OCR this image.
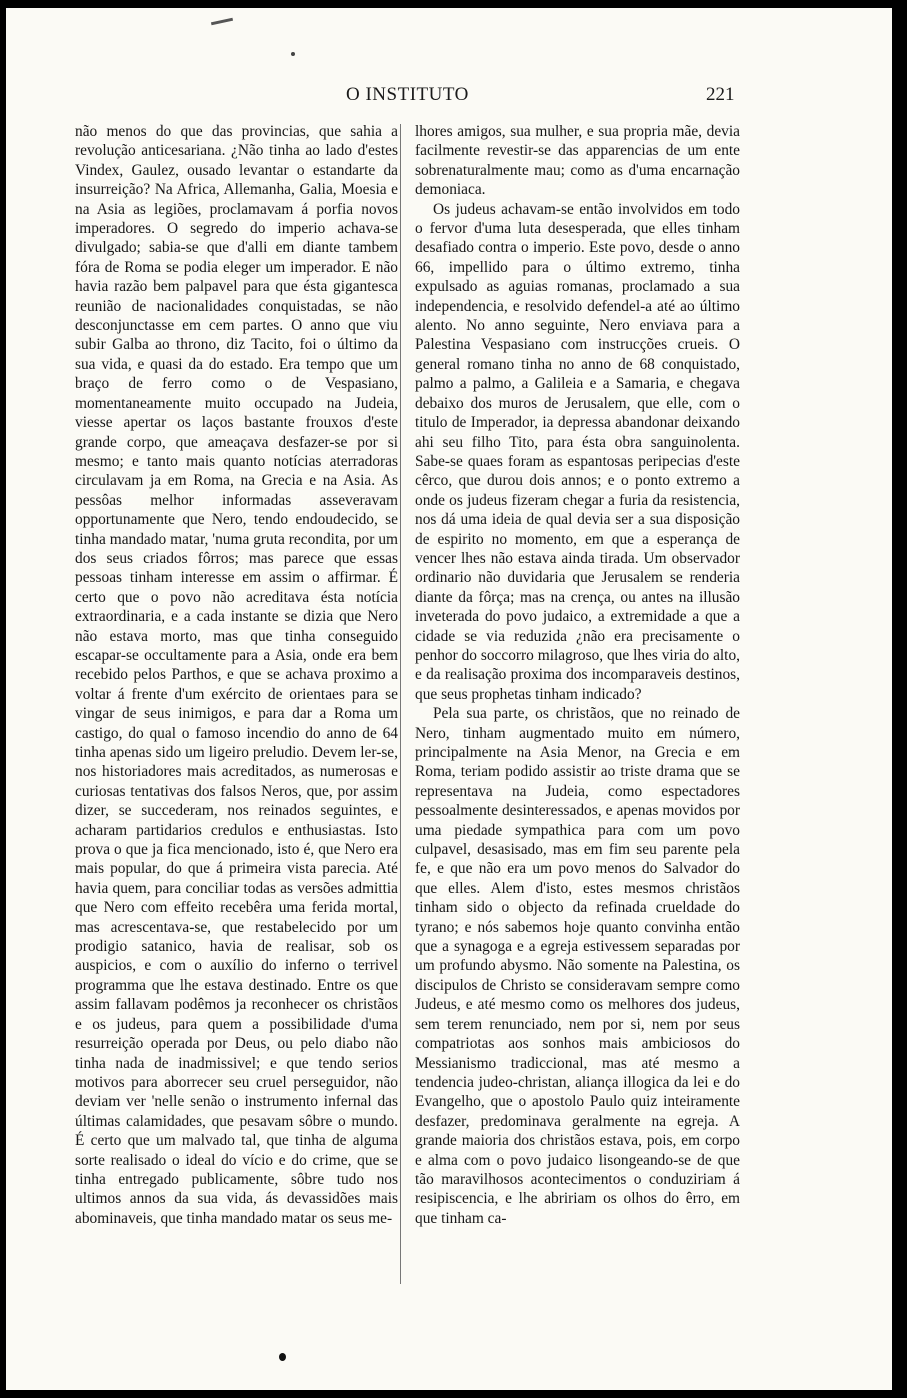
O INSTITUTO	221

não menos do que das provincias, que sahia a revolução anticesariana. ¿Não tinha ao lado d'estes Vindex, Gaulez, ousado levantar o estandarte da insurreição? Na Africa, Allemanha, Galia, Moesia e na Asia as legiões, proclamavam á porfia novos imperadores. O segredo do imperio achava-se divulgado; sabia-se que d'alli em diante tambem fóra de Roma se podia eleger um imperador. E não havia razão bem palpavel para que ésta gigantesca reunião de nacionalidades conquistadas, se não desconjunctasse em cem partes. O anno que viu subir Galba ao throno, diz Tacito, foi o último da sua vida, e quasi da do estado. Era tempo que um braço de ferro como o de Vespasiano, momentaneamente muito occupado na Judeia, viesse apertar os laços bastante frouxos d'este grande corpo, que ameaçava desfazer-se por si mesmo; e tanto mais quanto notícias aterradoras circulavam ja em Roma, na Grecia e na Asia. As pessôas melhor informadas asseveravam opportunamente que Nero, tendo endoudecido, se tinha mandado matar, 'numa gruta recondita, por um dos seus criados fôrros; mas parece que essas pessoas tinham interesse em assim o affirmar. É certo que o povo não acreditava ésta notícia extraordinaria, e a cada instante se dizia que Nero não estava morto, mas que tinha conseguido escapar-se occultamente para a Asia, onde era bem recebido pelos Parthos, e que se achava proximo a voltar á frente d'um exército de orientaes para se vingar de seus inimigos, e para dar a Roma um castigo, do qual o famoso incendio do anno de 64 tinha apenas sido um ligeiro preludio. Devem ler-se, nos historiadores mais acreditados, as numerosas e curiosas tentativas dos falsos Neros, que, por assim dizer, se succederam, nos reinados seguintes, e acharam partidarios credulos e enthusiastas. Isto prova o que ja fica mencionado, isto é, que Nero era mais popular, do que á primeira vista parecia. Até havia quem, para conciliar todas as versões admittia que Nero com effeito recebêra uma ferida mortal, mas acrescentava-se, que restabelecido por um prodigio satanico, havia de realisar, sob os auspicios, e com o auxílio do inferno o terrivel programma que lhe estava destinado. Entre os que assim fallavam podêmos ja reconhecer os christãos e os judeus, para quem a possibilidade d'uma resurreição operada por Deus, ou pelo diabo não tinha nada de inadmissivel; e que tendo serios motivos para aborrecer seu cruel perseguidor, não deviam ver 'nelle senão o instrumento infernal das últimas calamidades, que pesavam sôbre o mundo. É certo que um malvado tal, que tinha de alguma sorte realisado o ideal do vício e do crime, que se tinha entregado publicamente, sôbre tudo nos ultimos annos da sua vida, ás devassidões mais abominaveis, que tinha mandado matar os seus me-

lhores amigos, sua mulher, e sua propria mãe, devia facilmente revestir-se das apparencias de um ente sobrenaturalmente mau; como as d'uma encarnação demoniaca.

Os judeus achavam-se então involvidos em todo o fervor d'uma luta desesperada, que elles tinham desafiado contra o imperio. Este povo, desde o anno 66, impellido para o último extremo, tinha expulsado as aguias romanas, proclamado a sua independencia, e resolvido defendel-a até ao último alento. No anno seguinte, Nero enviava para a Palestina Vespasiano com instrucções crueis. O general romano tinha no anno de 68 conquistado, palmo a palmo, a Galileia e a Samaria, e chegava debaixo dos muros de Jerusalem, que elle, com o titulo de Imperador, ia depressa abandonar deixando ahi seu filho Tito, para ésta obra sanguinolenta. Sabe-se quaes foram as espantosas peripecias d'este cêrco, que durou dois annos; e o ponto extremo a onde os judeus fizeram chegar a furia da resistencia, nos dá uma ideia de qual devia ser a sua disposição de espirito no momento, em que a esperança de vencer lhes não estava ainda tirada. Um observador ordinario não duvidaria que Jerusalem se renderia diante da fôrça; mas na crença, ou antes na illusão inveterada do povo judaico, a extremidade a que a cidade se via reduzida ¿não era precisamente o penhor do soccorro milagroso, que lhes viria do alto, e da realisação proxima dos incomparaveis destinos, que seus prophetas tinham indicado?

Pela sua parte, os christãos, que no reinado de Nero, tinham augmentado muito em número, principalmente na Asia Menor, na Grecia e em Roma, teriam podido assistir ao triste drama que se representava na Judeia, como espectadores pessoalmente desinteressados, e apenas movidos por uma piedade sympathica para com um povo culpavel, desasisado, mas em fim seu parente pela fe, e que não era um povo menos do Salvador do que elles. Alem d'isto, estes mesmos christãos tinham sido o objecto da refinada crueldade do tyrano; e nós sabemos hoje quanto convinha então que a synagoga e a egreja estivessem separadas por um profundo abysmo. Não somente na Palestina, os discipulos de Christo se consideravam sempre como Judeus, e até mesmo como os melhores dos judeus, sem terem renunciado, nem por si, nem por seus compatriotas aos sonhos mais ambiciosos do Messianismo tradiccional, mas até mesmo a tendencia judeo-christan, aliança illogica da lei e do Evangelho, que o apostolo Paulo quiz inteiramente desfazer, predominava geralmente na egreja. A grande maioria dos christãos estava, pois, em corpo e alma com o povo judaico lisongeando-se de que tão maravilhosos acontecimentos o conduziriam á resipiscencia, e lhe abririam os olhos do êrro, em que tinham ca-
